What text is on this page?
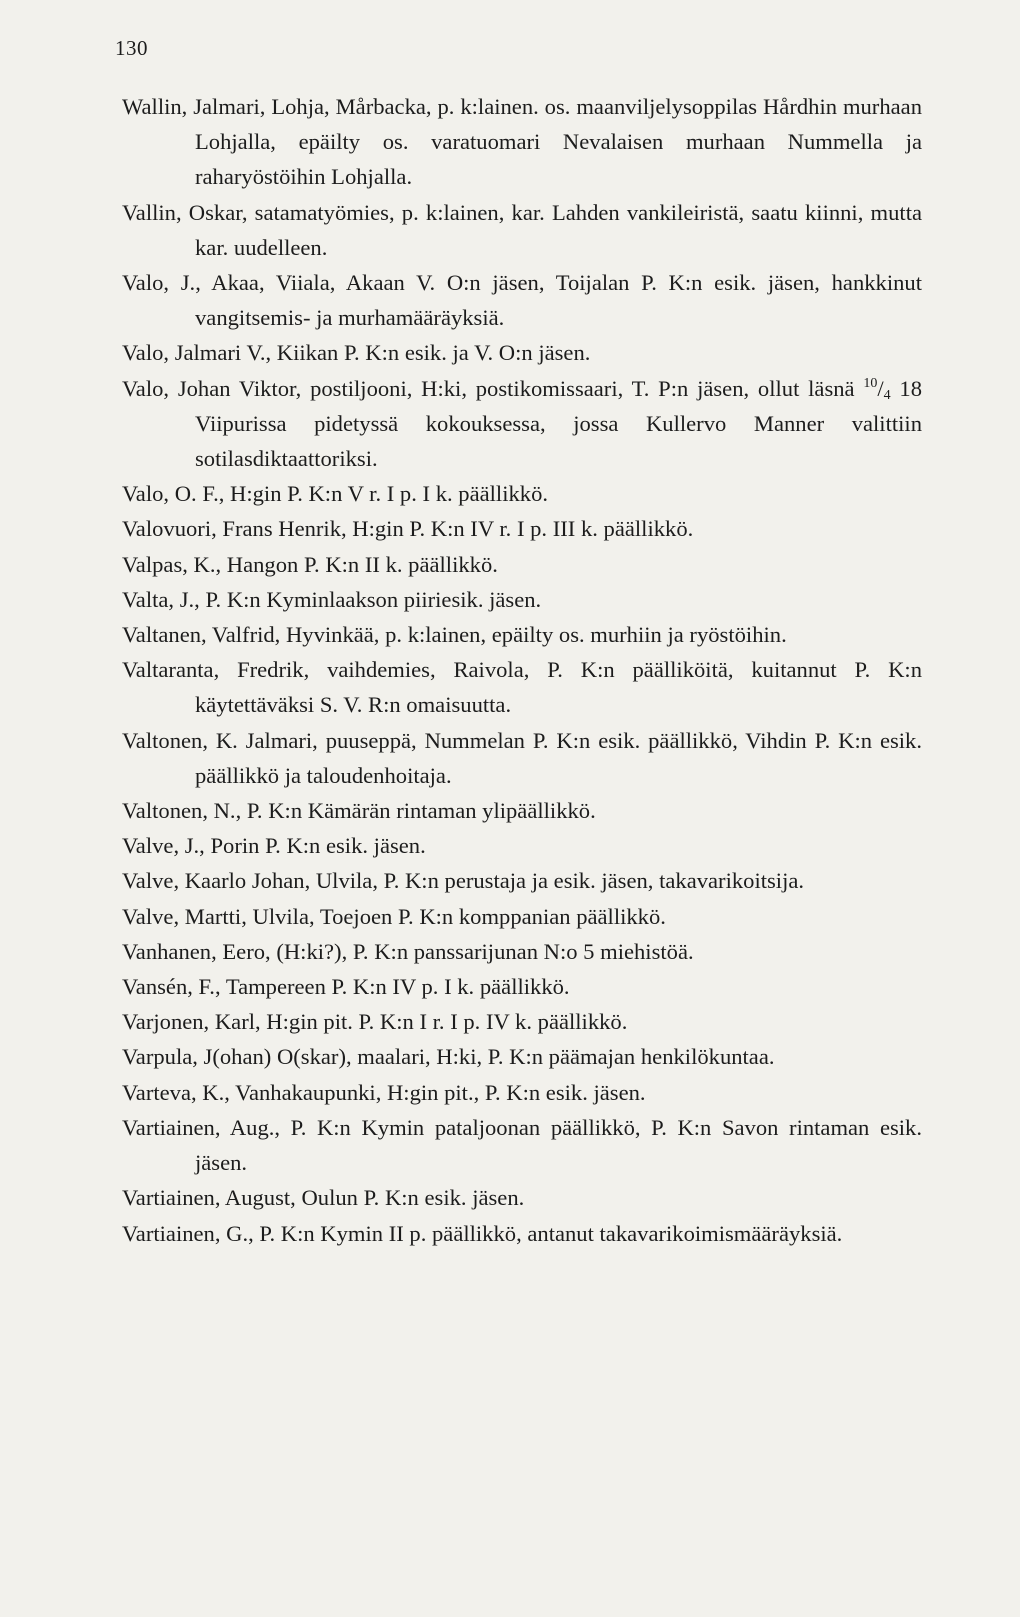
130

Wallin, Jalmari, Lohja, Mårbacka, p. k:lainen. os. maanviljelysoppilas Hårdhin murhaan Lohjalla, epäilty os. varatuomari Nevalaisen murhaan Nummella ja raharyöstöihin Lohjalla.

Vallin, Oskar, satamatyömies, p. k:lainen, kar. Lahden vankileiristä, saatu kiinni, mutta kar. uudelleen.

Valo, J., Akaa, Viiala, Akaan V. O:n jäsen, Toijalan P. K:n esik. jäsen, hankkinut vangitsemis- ja murhamääräyksiä.

Valo, Jalmari V., Kiikan P. K:n esik. ja V. O:n jäsen.

Valo, Johan Viktor, postiljooni, H:ki, postikomissaari, T. P:n jäsen, ollut läsnä $^{10}/_4$ 18 Viipurissa pidetyssä kokouksessa, jossa Kullervo Manner valittiin sotilasdiktaattoriksi.

Valo, O. F., H:gin P. K:n V r. I p. I k. päällikkö.

Valovuori, Frans Henrik, H:gin P. K:n IV r. I p. III k. päällikkö.

Valpas, K., Hangon P. K:n II k. päällikkö.

Valta, J., P. K:n Kyminlaakson piiriesik. jäsen.

Valtanen, Valfrid, Hyvinkää, p. k:lainen, epäilty os. murhiin ja ryöstöihin.

Valtaranta, Fredrik, vaihdemies, Raivola, P. K:n päälliköitä, kuitannut P. K:n käytettäväksi S. V. R:n omaisuutta.

Valtonen, K. Jalmari, puuseppä, Nummelan P. K:n esik. päällikkö, Vihdin P. K:n esik. päällikkö ja taloudenhoitaja.

Valtonen, N., P. K:n Kämärän rintaman ylipäällikkö.

Valve, J., Porin P. K:n esik. jäsen.

Valve, Kaarlo Johan, Ulvila, P. K:n perustaja ja esik. jäsen, takavarikoitsija.

Valve, Martti, Ulvila, Toejoen P. K:n komppanian päällikkö.

Vanhanen, Eero, (H:ki?), P. K:n panssarijunan N:o 5 miehistöä.

Vansén, F., Tampereen P. K:n IV p. I k. päällikkö.

Varjonen, Karl, H:gin pit. P. K:n I r. I p. IV k. päällikkö.

Varpula, J(ohan) O(skar), maalari, H:ki, P. K:n päämajan henkilökuntaa.

Varteva, K., Vanhakaupunki, H:gin pit., P. K:n esik. jäsen.

Vartiainen, Aug., P. K:n Kymin pataljoonan päällikkö, P. K:n Savon rintaman esik. jäsen.

Vartiainen, August, Oulun P. K:n esik. jäsen.

Vartiainen, G., P. K:n Kymin II p. päällikkö, antanut takavarikoimismääräyksiä.
